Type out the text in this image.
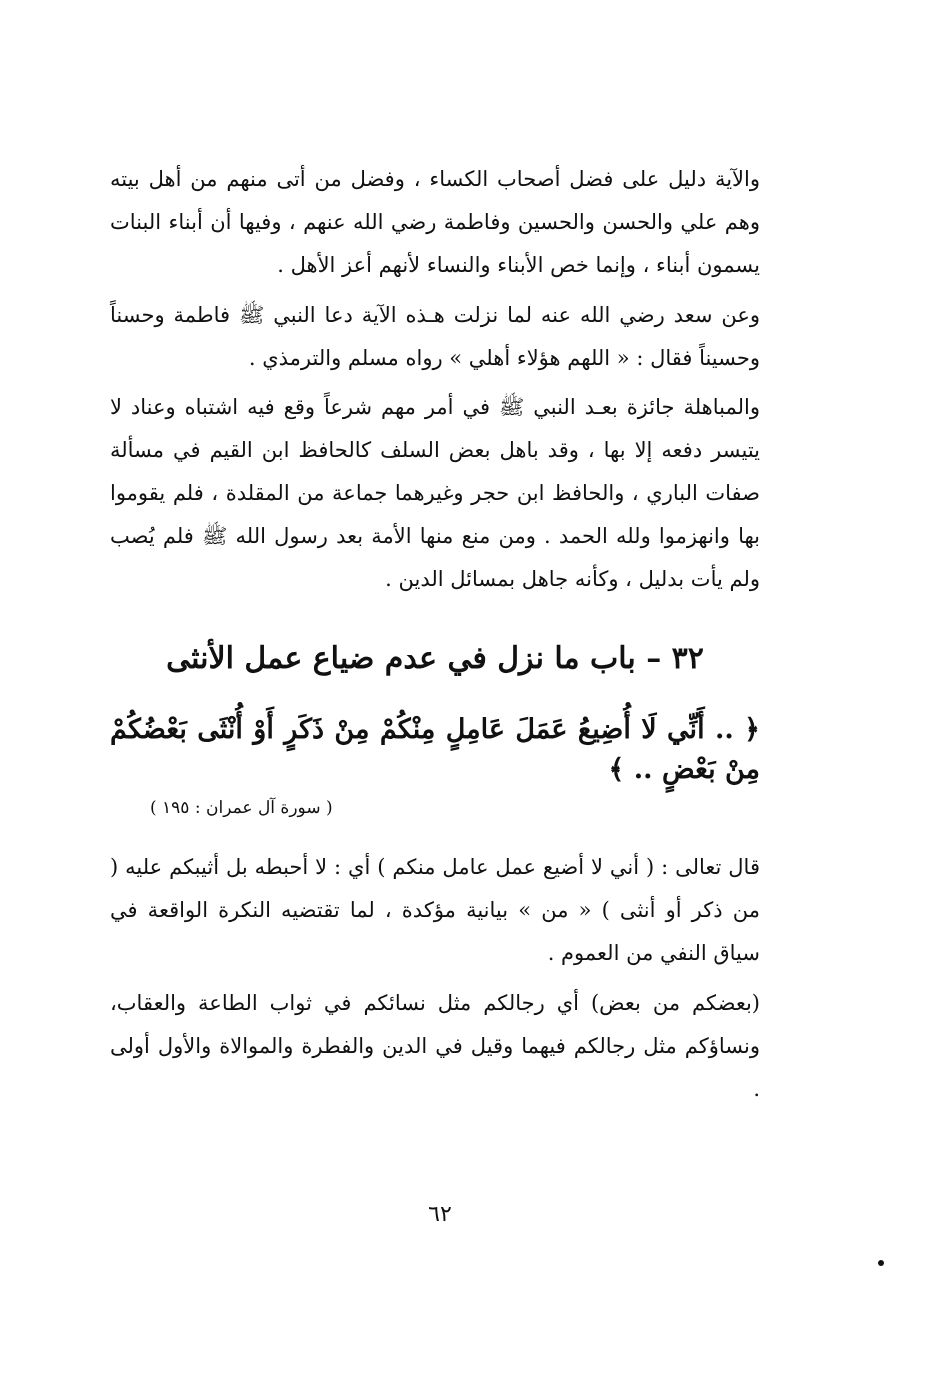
والآية دليل على فضل أصحاب الكساء ، وفضل من أتى منهم من أهل بيته وهم علي والحسن والحسين وفاطمة رضي الله عنهم ، وفيها أن أبناء البنات يسمون أبناء ، وإنما خص الأبناء والنساء لأنهم أعز الأهل .

وعن سعد رضي الله عنه لما نزلت هـذه الآية دعا النبي ﷺ فاطمة وحسناً وحسيناً فقال : « اللهم هؤلاء أهلي » رواه مسلم والترمذي .

والمباهلة جائزة بعـد النبي ﷺ في أمر مهم شرعاً وقع فيه اشتباه وعناد لا يتيسر دفعه إلا بها ، وقد باهل بعض السلف كالحافظ ابن القيم في مسألة صفات الباري ، والحافظ ابن حجر وغيرهما جماعة من المقلدة ، فلم يقوموا بها وانهزموا ولله الحمد . ومن منع منها الأمة بعد رسول الله ﷺ فلم يُصب ولم يأت بدليل ، وكأنه جاهل بمسائل الدين .

٣٢ – باب ما نزل في عدم ضياع عمل الأنثى

﴿ .. أَنِّي لَا أُضِيعُ عَمَلَ عَامِلٍ مِنْكُمْ مِنْ ذَكَرٍ أَوْ أُنْثَى بَعْضُكُمْ مِنْ بَعْضٍ .. ﴾

( سورة آل عمران : ١٩٥ )

قال تعالى : ( أني لا أضيع عمل عامل منكم ) أي : لا أحبطه بل أثيبكم عليه ( من ذكر أو أنثى ) « من » بيانية مؤكدة ، لما تقتضيه النكرة الواقعة في سياق النفي من العموم .

(بعضكم من بعض) أي رجالكم مثل نسائكم في ثواب الطاعة والعقاب، ونساؤكم مثل رجالكم فيهما وقيل في الدين والفطرة والموالاة والأول أولى .

٦٢
